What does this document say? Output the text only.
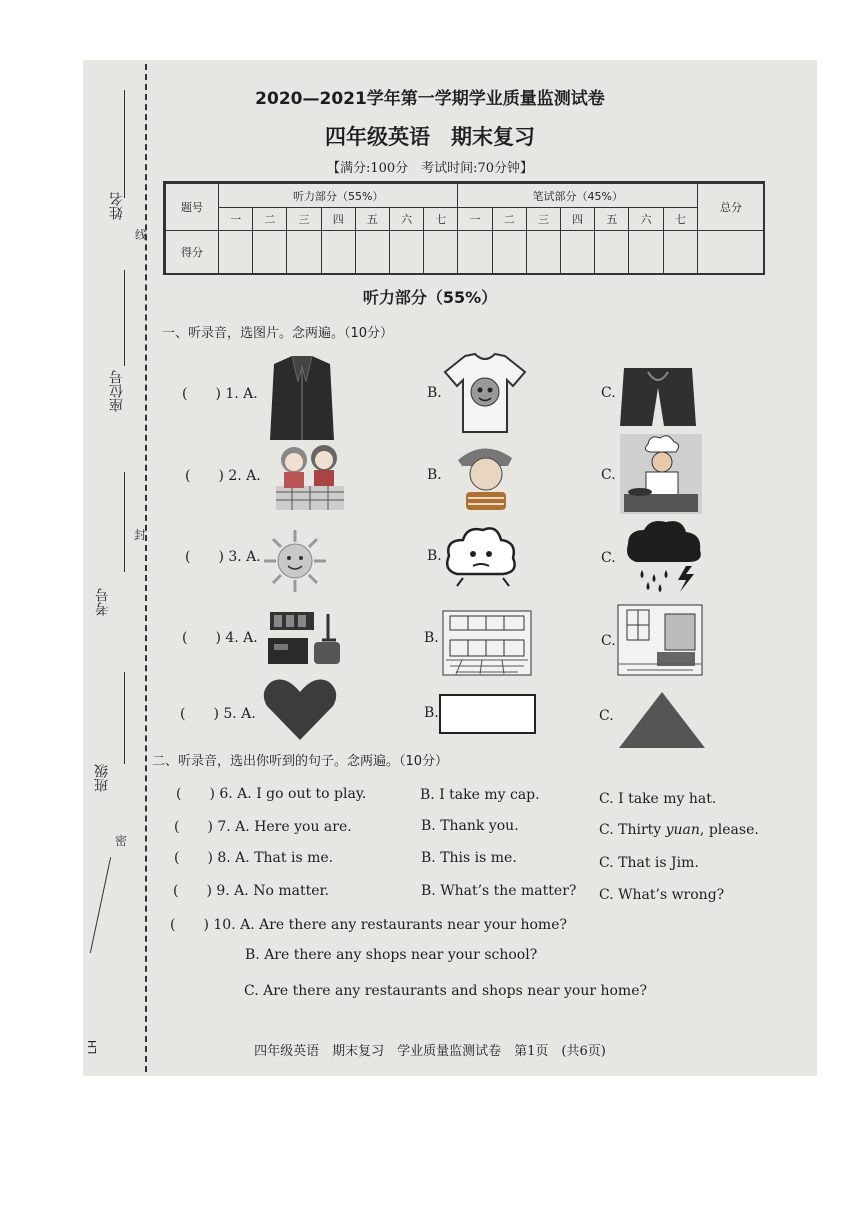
姓名
线
座位号
封
考号
班级
密
LH
2020—2021学年第一学期学业质量监测试卷
四年级英语　期末复习
【满分:100分　考试时间:70分钟】
题号	听力部分（55%）							笔试部分（45%）							总分
	一	二	三	四	五	六	七	一	二	三	四	五	六	七	
得分															
听力部分（55%）
一、听录音，选图片。念两遍。（10分）
(　　) 1. A.	B.	C.
(　　) 2. A.	B.	C.
(　　) 3. A.	B.	C.
(　　) 4. A.	B.	C.
(　　) 5. A.	B.	C.
二、听录音，选出你听到的句子。念两遍。（10分）
(　　) 6. A. I go out to play.	B. I take my cap.	C. I take my hat.
(　　) 7. A. Here you are.	B. Thank you.	C. Thirty yuan, please.
(　　) 8. A. That is me.	B. This is me.	C. That is Jim.
(　　) 9. A. No matter.	B. What’s the matter? C. What’s wrong?
(　　) 10. A. Are there any restaurants near your home?
B. Are there any shops near your school?
C. Are there any restaurants and shops near your home?
四年级英语　期末复习　学业质量监测试卷　第1页　(共6页)
